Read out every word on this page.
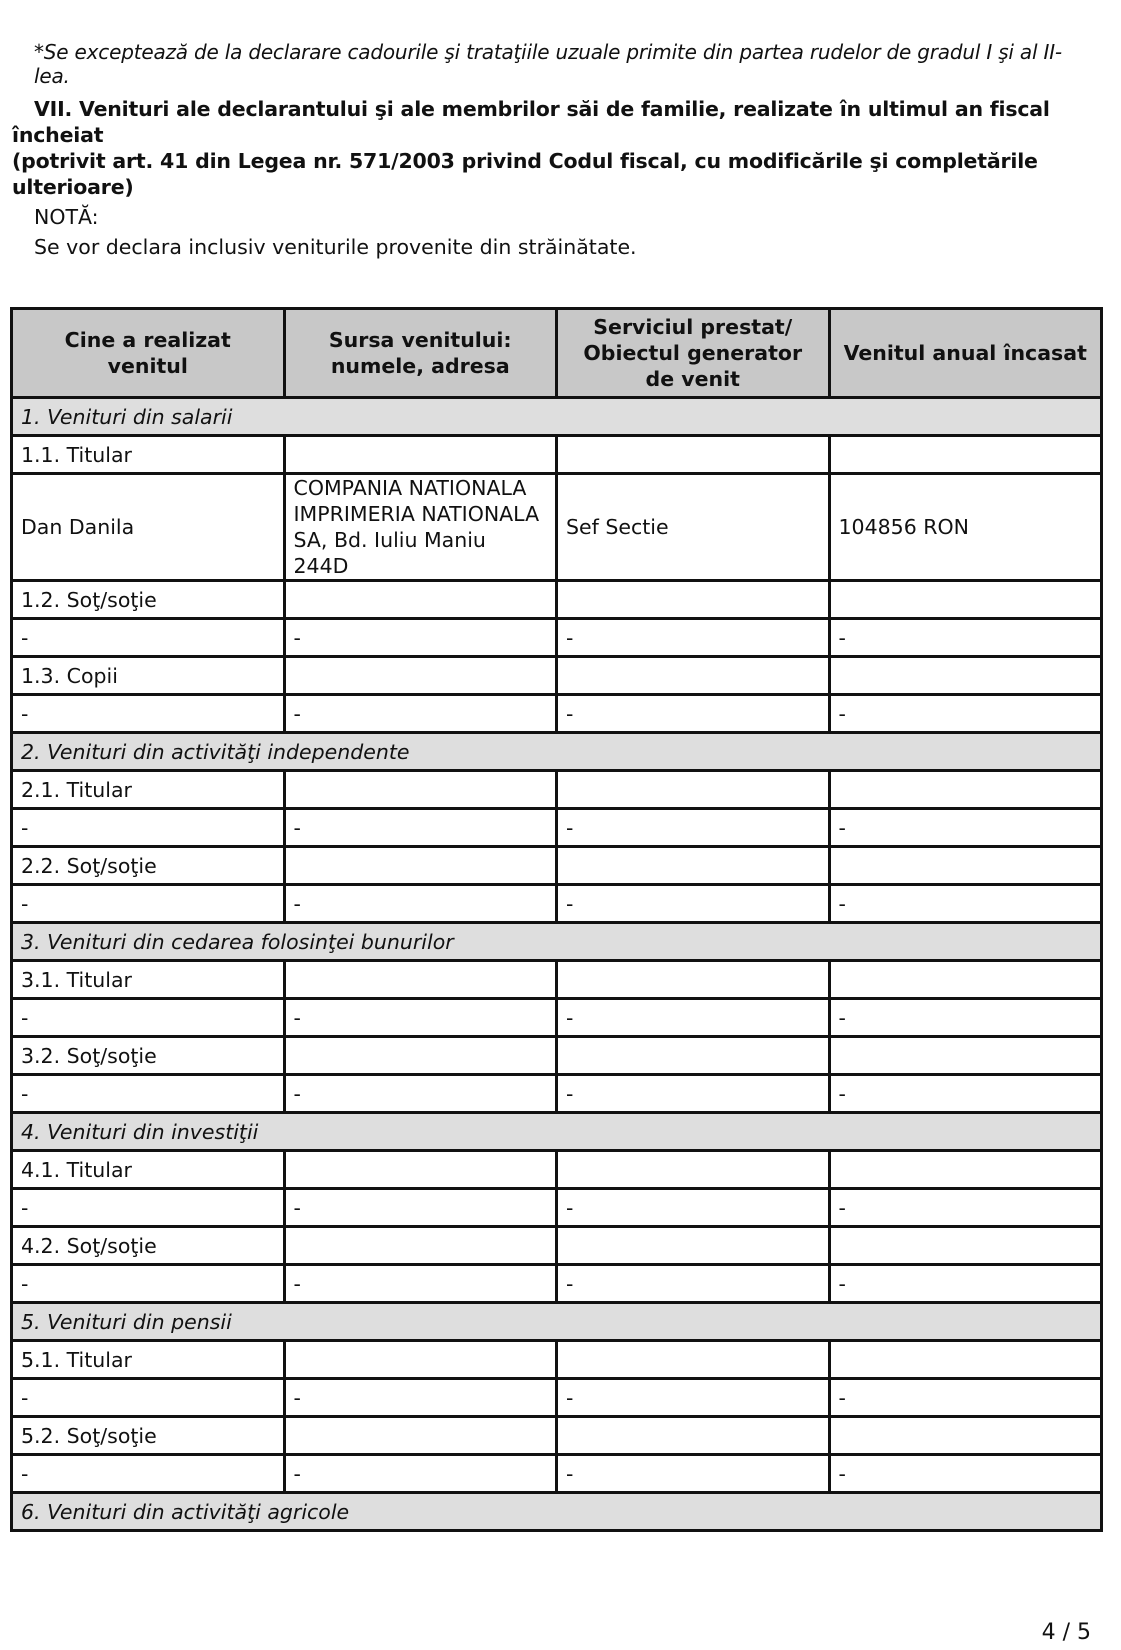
*Se exceptează de la declarare cadourile şi trataţiile uzuale primite din partea rudelor de gradul I şi al II-lea.
VII. Venituri ale declarantului şi ale membrilor săi de familie, realizate în ultimul an fiscal încheiat
(potrivit art. 41 din Legea nr. 571/2003 privind Codul fiscal, cu modificările şi completările
ulterioare)
NOTĂ:
Se vor declara inclusiv veniturile provenite din străinătate.
Cine a realizat venitul	Sursa venitului: numele, adresa	Serviciul prestat/ Obiectul generator de venit	Venitul anual încasat
1. Venituri din salarii			
1.1. Titular			
Dan Danila	COMPANIA NATIONALA IMPRIMERIA NATIONALA SA, Bd. Iuliu Maniu 244D	Sef Sectie	104856 RON
1.2. Soţ/soţie			
-	-	-	-
1.3. Copii			
-	-	-	-
2. Venituri din activităţi independente			
2.1. Titular			
-	-	-	-
2.2. Soţ/soţie			
-	-	-	-
3. Venituri din cedarea folosinţei bunurilor			
3.1. Titular			
-	-	-	-
3.2. Soţ/soţie			
-	-	-	-
4. Venituri din investiţii			
4.1. Titular			
-	-	-	-
4.2. Soţ/soţie			
-	-	-	-
5. Venituri din pensii			
5.1. Titular			
-	-	-	-
5.2. Soţ/soţie			
-	-	-	-
6. Venituri din activităţi agricole			
4 / 5
